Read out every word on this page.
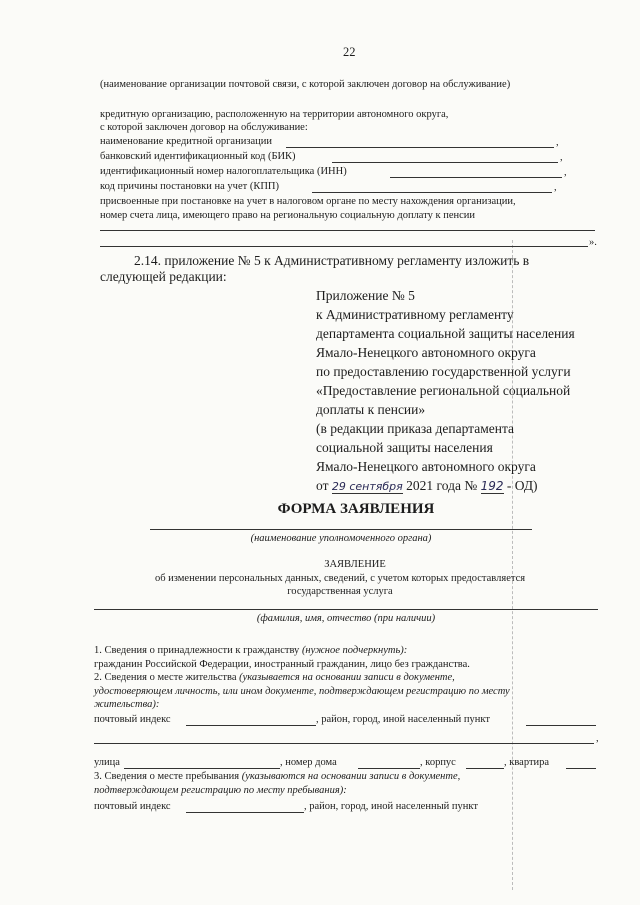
22
(наименование организации почтовой связи, с которой заключен договор на обслуживание)
кредитную организацию, расположенную на территории автономного округа,
с которой заключен договор на обслуживание:
наименование кредитной организации	,
банковский идентификационный код (БИК)	,
идентификационный номер налогоплательщика (ИНН)	,
код причины постановки на учет (КПП)	,
присвоенные при постановке на учет в налоговом органе по месту нахождения организации,
номер счета лица, имеющего право на региональную социальную доплату к пенсии
».
2.14. приложение № 5 к Административному регламенту изложить в
следующей редакции:
Приложение № 5
к Административному регламенту
департамента социальной защиты населения
Ямало-Ненецкого автономного округа
по предоставлению государственной услуги
«Предоставление региональной социальной
доплаты к пенсии»
(в редакции приказа департамента
социальной защиты населения
Ямало-Ненецкого автономного округа
от 29 сентября 2021 года № 192 - ОД)
ФОРМА ЗАЯВЛЕНИЯ
(наименование уполномоченного органа)
ЗАЯВЛЕНИЕ
об изменении персональных данных, сведений, с учетом которых предоставляется
государственная услуга
(фамилия, имя, отчество (при наличии)
1. Сведения о принадлежности к гражданству (нужное подчеркнуть):
гражданин Российской Федерации, иностранный гражданин, лицо без гражданства.
2. Сведения о месте жительства (указывается на основании записи в документе,
удостоверяющем личность, или ином документе, подтверждающем регистрацию по месту
жительства):
почтовый индекс	, район, город, иной населенный пункт
,
улица	, номер дома	, корпус	, квартира
3. Сведения о месте пребывания (указываются на основании записи в документе,
подтверждающем регистрацию по месту пребывания):
почтовый индекс	, район, город, иной населенный пункт
